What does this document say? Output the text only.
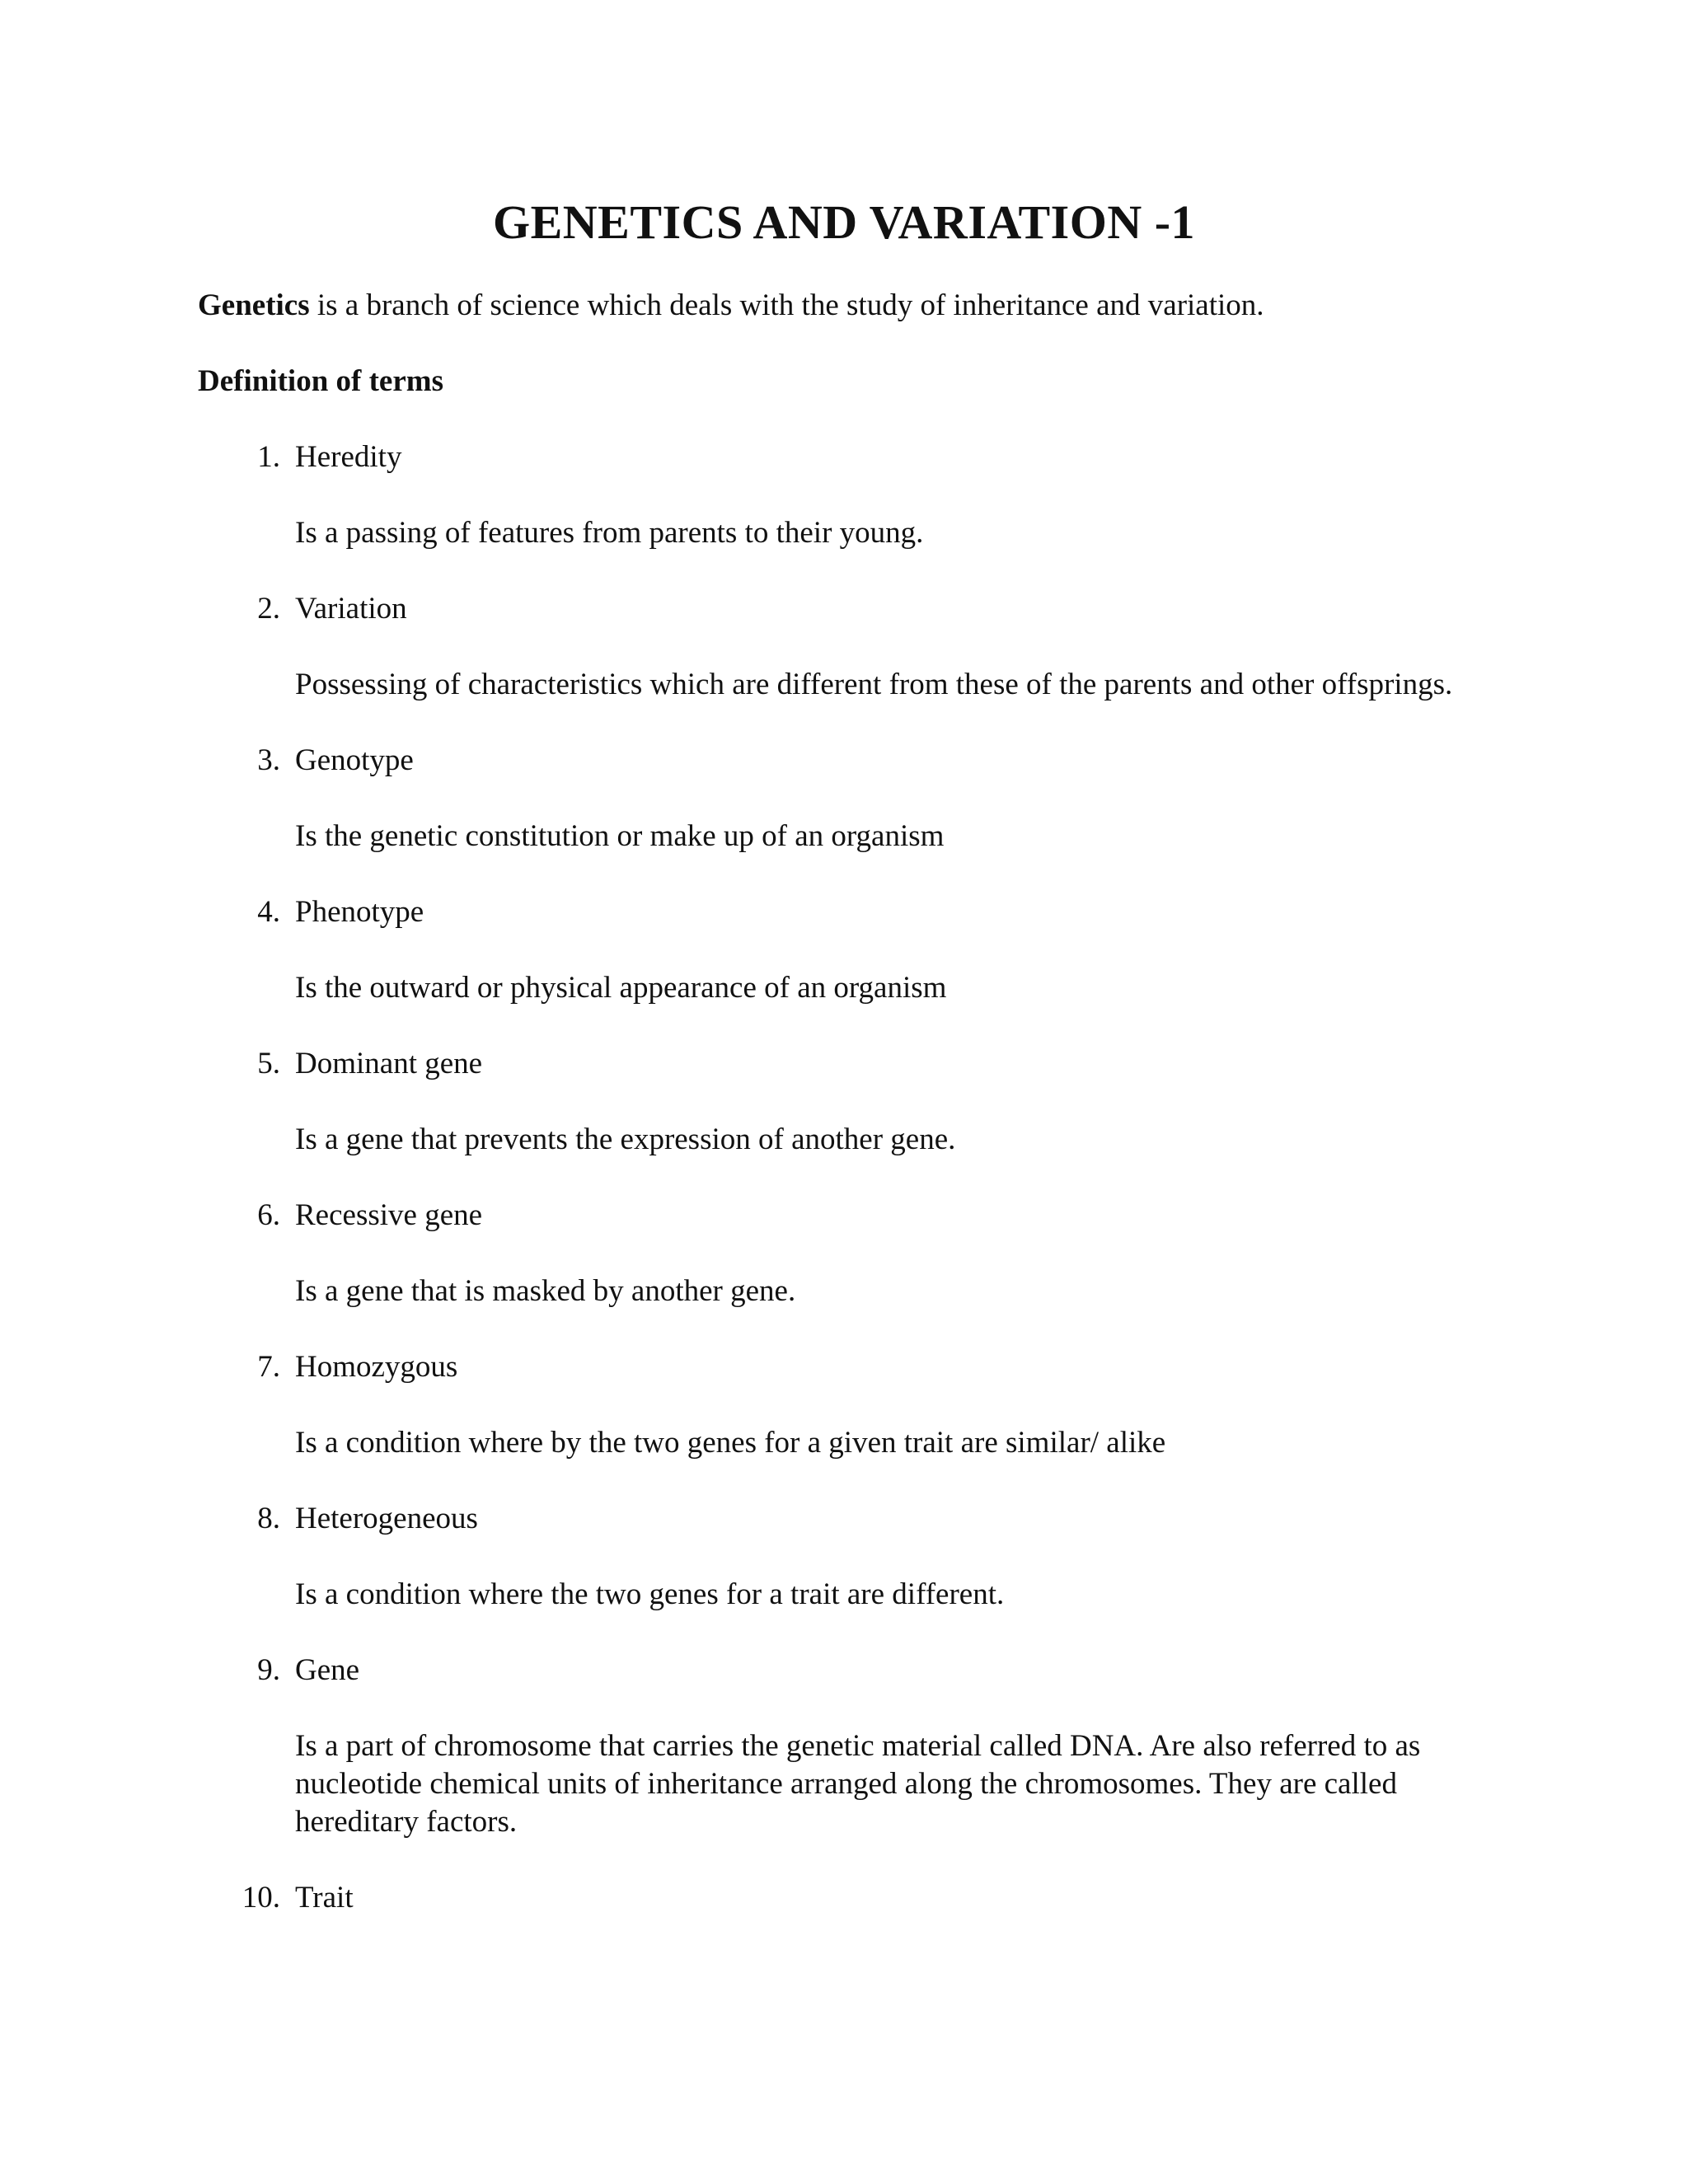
GENETICS AND VARIATION -1

Genetics is a branch of science which deals with the study of inheritance and variation.

Definition of terms
1. Heredity
Is a passing of features from parents to their young.
2. Variation
Possessing of characteristics which are different from these of the parents and other offsprings.
3. Genotype
Is the genetic constitution or make up of an organism
4. Phenotype
Is the outward or physical appearance of an organism
5. Dominant gene
Is a gene that prevents the expression of another gene.
6. Recessive gene
Is a gene that is masked by another gene.
7. Homozygous
Is a condition where by the two genes for a given trait are similar/ alike
8. Heterogeneous
Is a condition where the two genes for a trait are different.
9. Gene
Is a part of chromosome that carries the genetic material called DNA. Are also referred to as nucleotide chemical units of inheritance arranged along the chromosomes. They are called hereditary factors.
10. Trait
